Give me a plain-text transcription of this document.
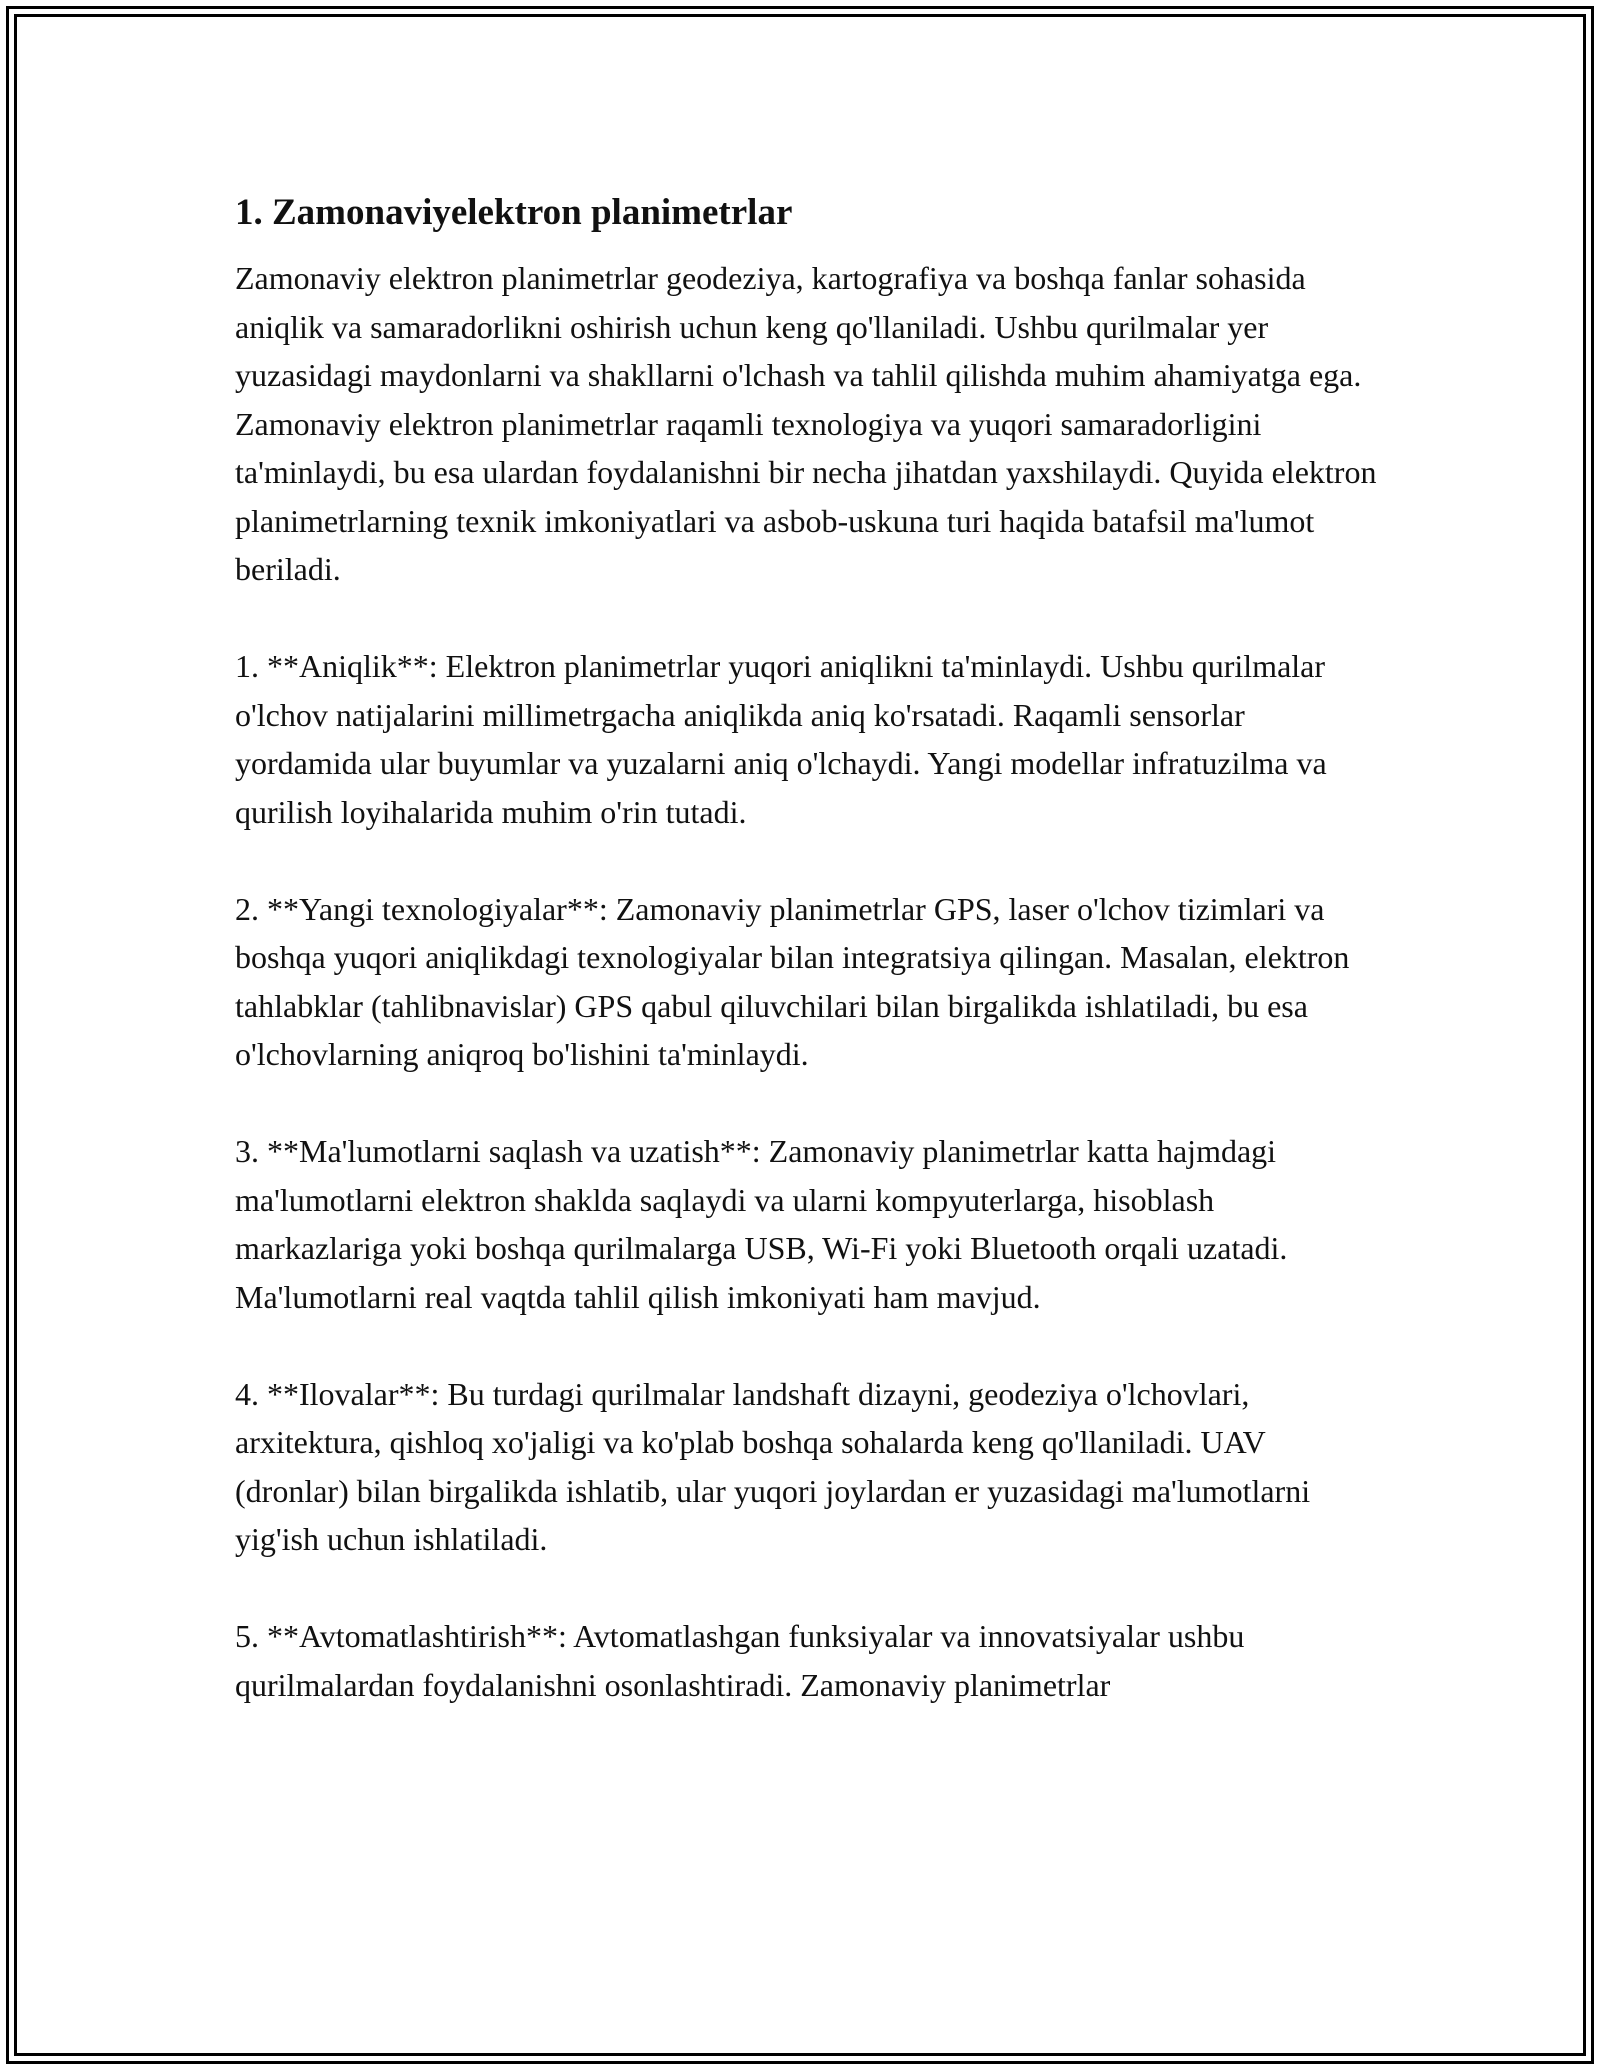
1. Zamonaviyelektron planimetrlar

Zamonaviy elektron planimetrlar geodeziya, kartografiya va boshqa fanlar sohasida aniqlik va samaradorlikni oshirish uchun keng qo'llaniladi. Ushbu qurilmalar yer yuzasidagi maydonlarni va shakllarni o'lchash va tahlil qilishda muhim ahamiyatga ega. Zamonaviy elektron planimetrlar raqamli texnologiya va yuqori samaradorligini ta'minlaydi, bu esa ulardan foydalanishni bir necha jihatdan yaxshilaydi. Quyida elektron planimetrlarning texnik imkoniyatlari va asbob-uskuna turi haqida batafsil ma'lumot beriladi.

1. **Aniqlik**: Elektron planimetrlar yuqori aniqlikni ta'minlaydi. Ushbu qurilmalar o'lchov natijalarini millimetrgacha aniqlikda aniq ko'rsatadi. Raqamli sensorlar yordamida ular buyumlar va yuzalarni aniq o'lchaydi. Yangi modellar infratuzilma va qurilish loyihalarida muhim o'rin tutadi.

2. **Yangi texnologiyalar**: Zamonaviy planimetrlar GPS, laser o'lchov tizimlari va boshqa yuqori aniqlikdagi texnologiyalar bilan integratsiya qilingan. Masalan, elektron tahlabklar (tahlibnavislar) GPS qabul qiluvchilari bilan birgalikda ishlatiladi, bu esa o'lchovlarning aniqroq bo'lishini ta'minlaydi.

3. **Ma'lumotlarni saqlash va uzatish**: Zamonaviy planimetrlar katta hajmdagi ma'lumotlarni elektron shakldа saqlaydi va ularni kompyuterlarga, hisoblash markazlariga yoki boshqa qurilmalarga USB, Wi-Fi yoki Bluetooth orqali uzatadi. Ma'lumotlarni real vaqtda tahlil qilish imkoniyati ham mavjud.

4. **Ilovalar**: Bu turdagi qurilmalar landshaft dizayni, geodeziya o'lchovlari, arxitektura, qishloq xo'jaligi va ko'plab boshqa sohalarda keng qo'llaniladi. UAV (dronlar) bilan birgalikda ishlatib, ular yuqori joylardan er yuzasidagi ma'lumotlarni yig'ish uchun ishlatiladi.

5. **Avtomatlashtirish**: Avtomatlashgan funksiyalar va innovatsiyalar ushbu qurilmalardan foydalanishni osonlashtiradi. Zamonaviy planimetrlar
